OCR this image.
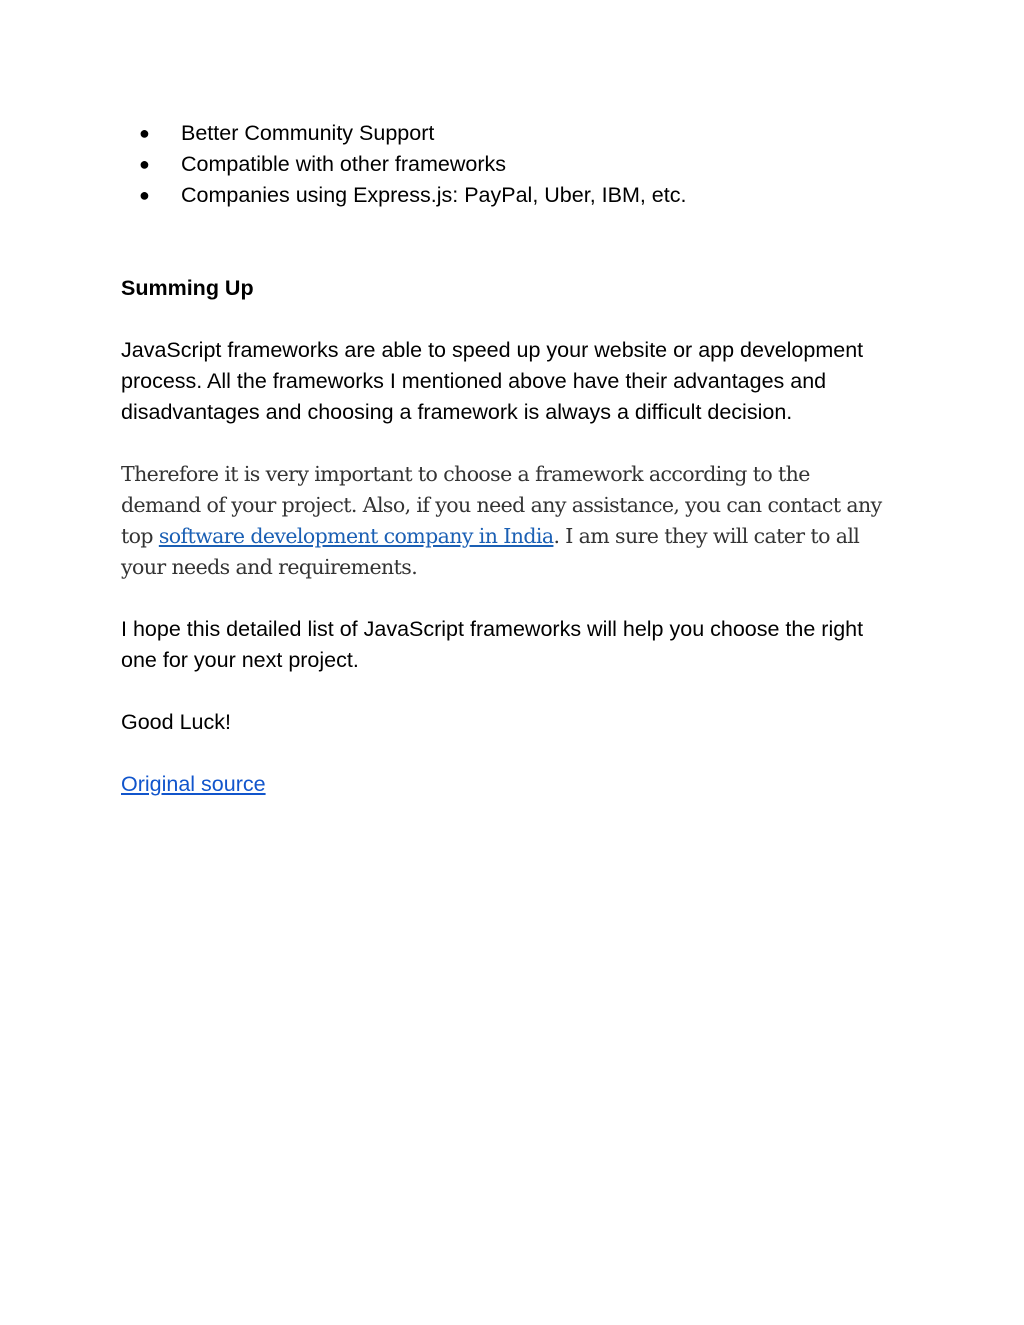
● Better Community Support
● Compatible with other frameworks
● Companies using Express.js: PayPal, Uber, IBM, etc.
Summing Up

JavaScript frameworks are able to speed up your website or app development process. All the frameworks I mentioned above have their advantages and disadvantages and choosing a framework is always a difficult decision.

Therefore it is very important to choose a framework according to the demand of your project. Also, if you need any assistance, you can contact any top software development company in India. I am sure they will cater to all your needs and requirements.

I hope this detailed list of JavaScript frameworks will help you choose the right one for your next project.

Good Luck!

Original source
